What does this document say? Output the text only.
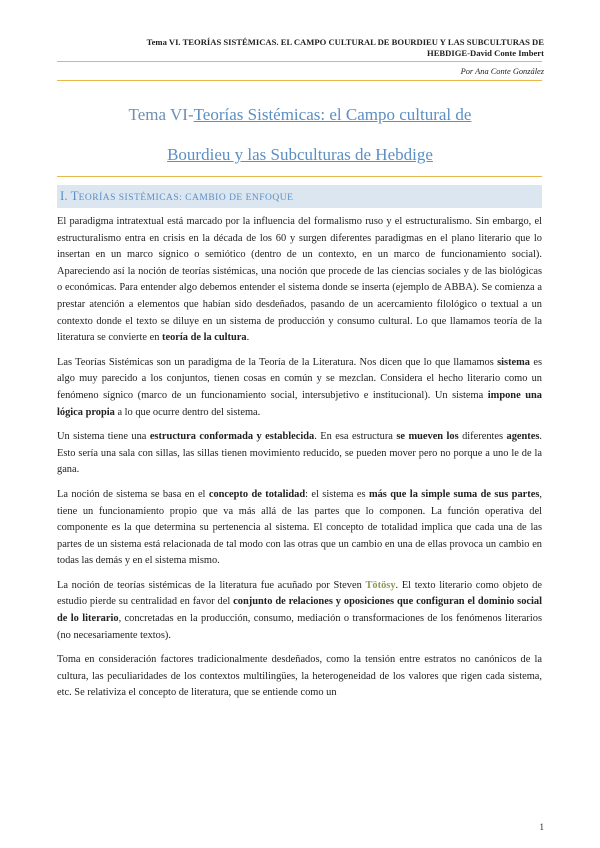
Tema VI. TEORÍAS SISTÉMICAS. EL CAMPO CULTURAL DE BOURDIEU Y LAS SUBCULTURAS DE
HEBDIGE-David Conte Imbert
Por Ana Conte González
Tema VI-Teorías Sistémicas: el Campo cultural de
Bourdieu y las Subculturas de Hebdige
I. TEORÍAS SISTÉMICAS: CAMBIO DE ENFOQUE

El paradigma intratextual está marcado por la influencia del formalismo ruso y el estructuralismo. Sin embargo, el estructuralismo entra en crisis en la década de los 60 y surgen diferentes paradigmas en el plano literario que lo insertan en un marco sígnico o semiótico (dentro de un contexto, en un marco de funcionamiento social). Apareciendo así la noción de teorías sistémicas, una noción que procede de las ciencias sociales y de las biológicas o económicas. Para entender algo debemos entender el sistema donde se inserta (ejemplo de ABBA). Se comienza a prestar atención a elementos que habían sido desdeñados, pasando de un acercamiento filológico o textual a un contexto donde el texto se diluye en un sistema de producción y consumo cultural. Lo que llamamos teoría de la literatura se convierte en teoría de la cultura.

Las Teorías Sistémicas son un paradigma de la Teoría de la Literatura. Nos dicen que lo que llamamos sistema es algo muy parecido a los conjuntos, tienen cosas en común y se mezclan. Considera el hecho literario como un fenómeno sígnico (marco de un funcionamiento social, intersubjetivo e institucional). Un sistema impone una lógica propia a lo que ocurre dentro del sistema.

Un sistema tiene una estructura conformada y establecida. En esa estructura se mueven los diferentes agentes. Esto sería una sala con sillas, las sillas tienen movimiento reducido, se pueden mover pero no porque a uno le de la gana.

La noción de sistema se basa en el concepto de totalidad: el sistema es más que la simple suma de sus partes, tiene un funcionamiento propio que va más allá de las partes que lo componen. La función operativa del componente es la que determina su pertenencia al sistema. El concepto de totalidad implica que cada una de las partes de un sistema está relacionada de tal modo con las otras que un cambio en una de ellas provoca un cambio en todas las demás y en el sistema mismo.

La noción de teorías sistémicas de la literatura fue acuñado por Steven Tötösy. El texto literario como objeto de estudio pierde su centralidad en favor del conjunto de relaciones y oposiciones que configuran el dominio social de lo literario, concretadas en la producción, consumo, mediación o transformaciones de los fenómenos literarios (no necesariamente textos).

Toma en consideración factores tradicionalmente desdeñados, como la tensión entre estratos no canónicos de la cultura, las peculiaridades de los contextos multilingües, la heterogeneidad de los valores que rigen cada sistema, etc. Se relativiza el concepto de literatura, que se entiende como un

1
